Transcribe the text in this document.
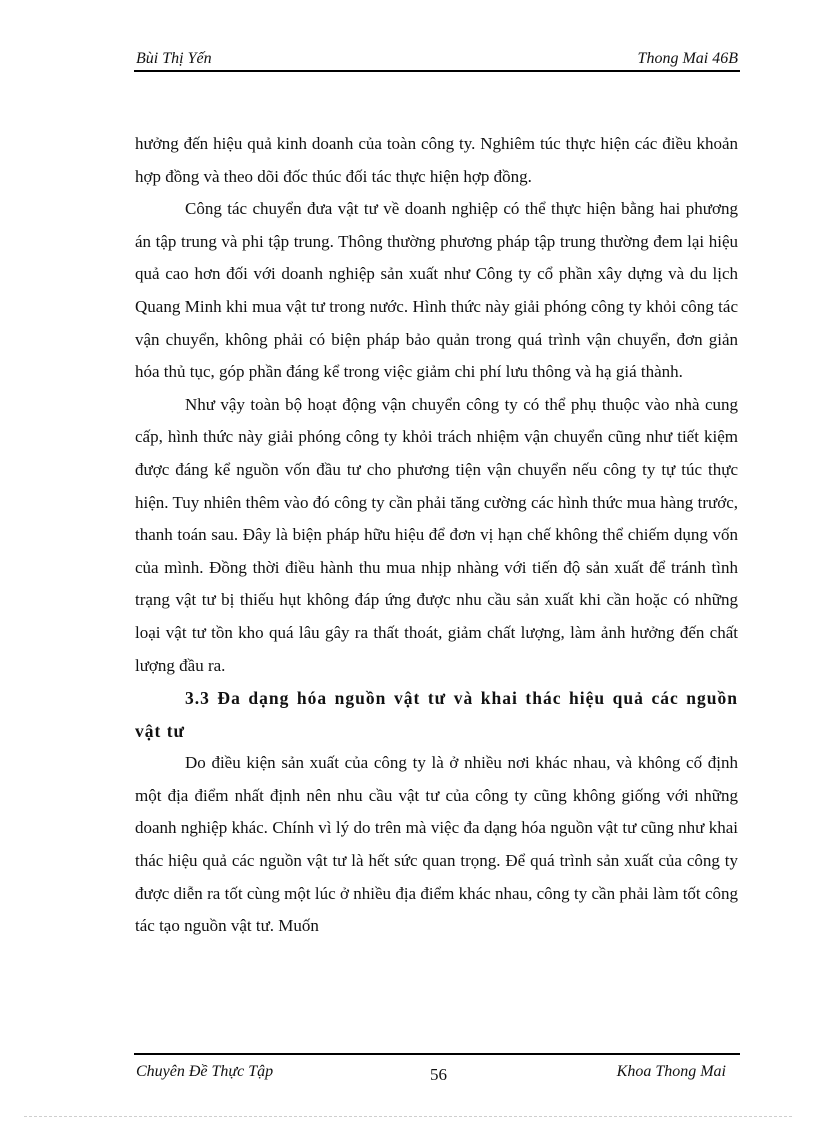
Bùi Thị Yến	Thong Mai 46B

hưởng đến hiệu quả kinh doanh của toàn công ty. Nghiêm túc thực hiện các điều khoản hợp đồng và theo dõi đốc thúc đối tác thực hiện hợp đồng.

Công tác chuyển đưa vật tư về doanh nghiệp có thể thực hiện bằng hai phương án tập trung và phi tập trung. Thông thường phương pháp tập trung thường đem lại hiệu quả cao hơn đối với doanh nghiệp sản xuất như Công ty cổ phần xây dựng và du lịch Quang Minh khi mua vật tư trong nước. Hình thức này giải phóng công ty khỏi công tác vận chuyển, không phải có biện pháp bảo quản trong quá trình vận chuyển, đơn giản hóa thủ tục, góp phần đáng kể trong việc giảm chi phí lưu thông và hạ giá thành.

Như vậy toàn bộ hoạt động vận chuyển công ty có thể phụ thuộc vào nhà cung cấp, hình thức này giải phóng công ty khỏi trách nhiệm vận chuyển cũng như tiết kiệm được đáng kể nguồn vốn đầu tư cho phương tiện vận chuyển nếu công ty tự túc thực hiện. Tuy nhiên thêm vào đó công ty cần phải tăng cường các hình thức mua hàng trước, thanh toán sau. Đây là biện pháp hữu hiệu để đơn vị hạn chế không thể chiếm dụng vốn của mình. Đồng thời điều hành thu mua nhịp nhàng với tiến độ sản xuất để tránh tình trạng vật tư bị thiếu hụt không đáp ứng được nhu cầu sản xuất khi cần hoặc có những loại vật tư tồn kho quá lâu gây ra thất thoát, giảm chất lượng, làm ảnh hưởng đến chất lượng đầu ra.

3.3 Đa dạng hóa nguồn vật tư và khai thác hiệu quả các nguồn vật tư

Do điều kiện sản xuất của công ty là ở nhiều nơi khác nhau, và không cố định một địa điểm nhất định nên nhu cầu vật tư của công ty cũng không giống với những doanh nghiệp khác. Chính vì lý do trên mà việc đa dạng hóa nguồn vật tư cũng như khai thác hiệu quả các nguồn vật tư là hết sức quan trọng. Để quá trình sản xuất của công ty được diễn ra tốt cùng một lúc ở nhiều địa điểm khác nhau, công ty cần phải làm tốt công tác tạo nguồn vật tư. Muốn

Chuyên Đề Thực Tập	56	Khoa Thong Mai
